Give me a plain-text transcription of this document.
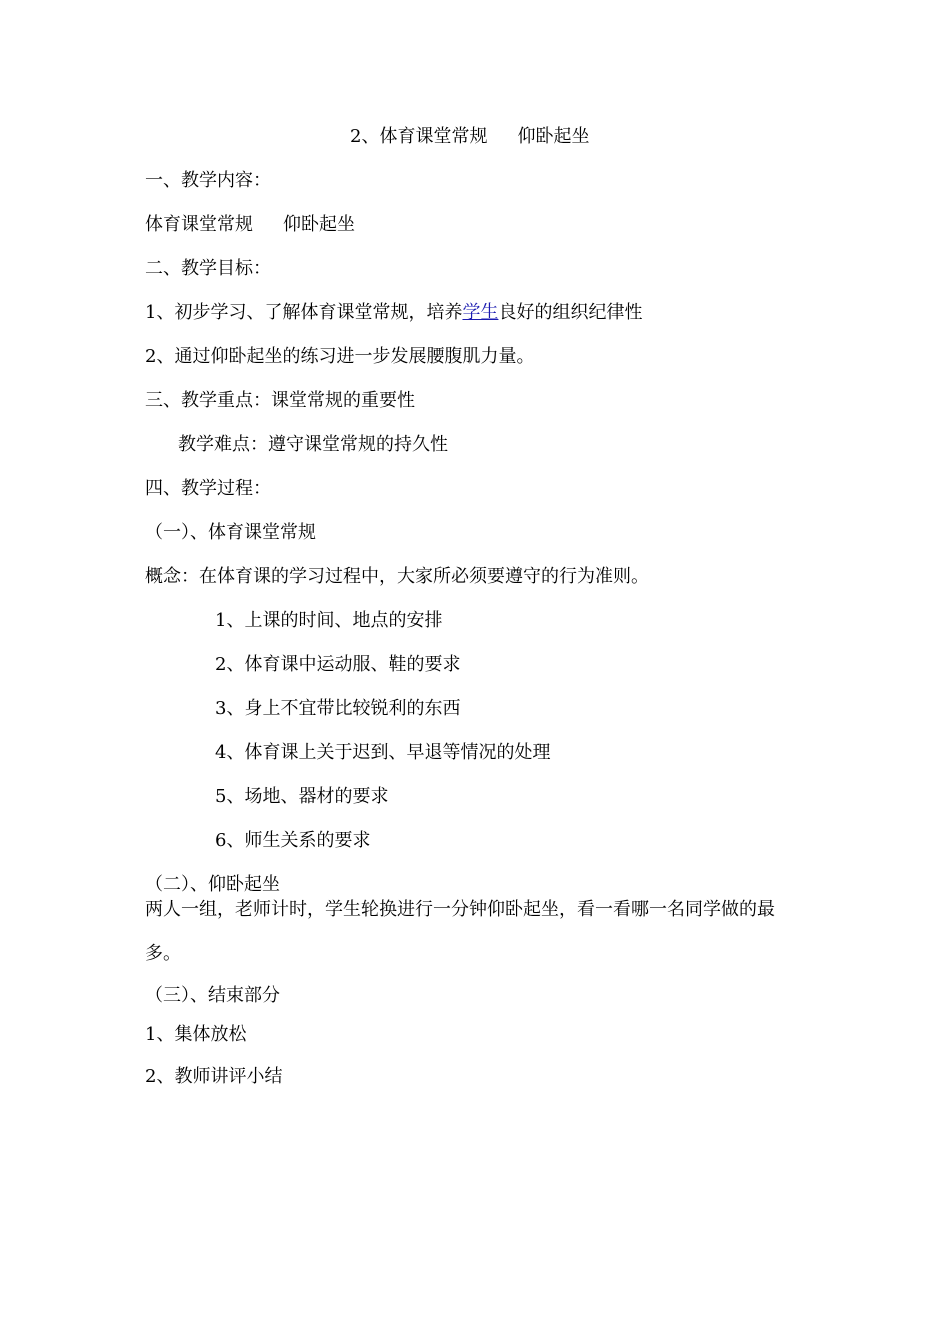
2、体育课堂常规 仰卧起坐
一、教学内容：
体育课堂常规 仰卧起坐
二、教学目标：
1、初步学习、了解体育课堂常规，培养学生良好的组织纪律性
2、通过仰卧起坐的练习进一步发展腰腹肌力量。
三、教学重点：课堂常规的重要性
教学难点：遵守课堂常规的持久性
四、教学过程：
（一）、体育课堂常规
概念：在体育课的学习过程中，大家所必须要遵守的行为准则。
1、上课的时间、地点的安排
2、体育课中运动服、鞋的要求
3、身上不宜带比较锐利的东西
4、体育课上关于迟到、早退等情况的处理
5、场地、器材的要求
6、师生关系的要求
（二）、仰卧起坐
两人一组，老师计时，学生轮换进行一分钟仰卧起坐，看一看哪一名同学做的最
多。
（三）、结束部分
1、集体放松
2、教师讲评小结
